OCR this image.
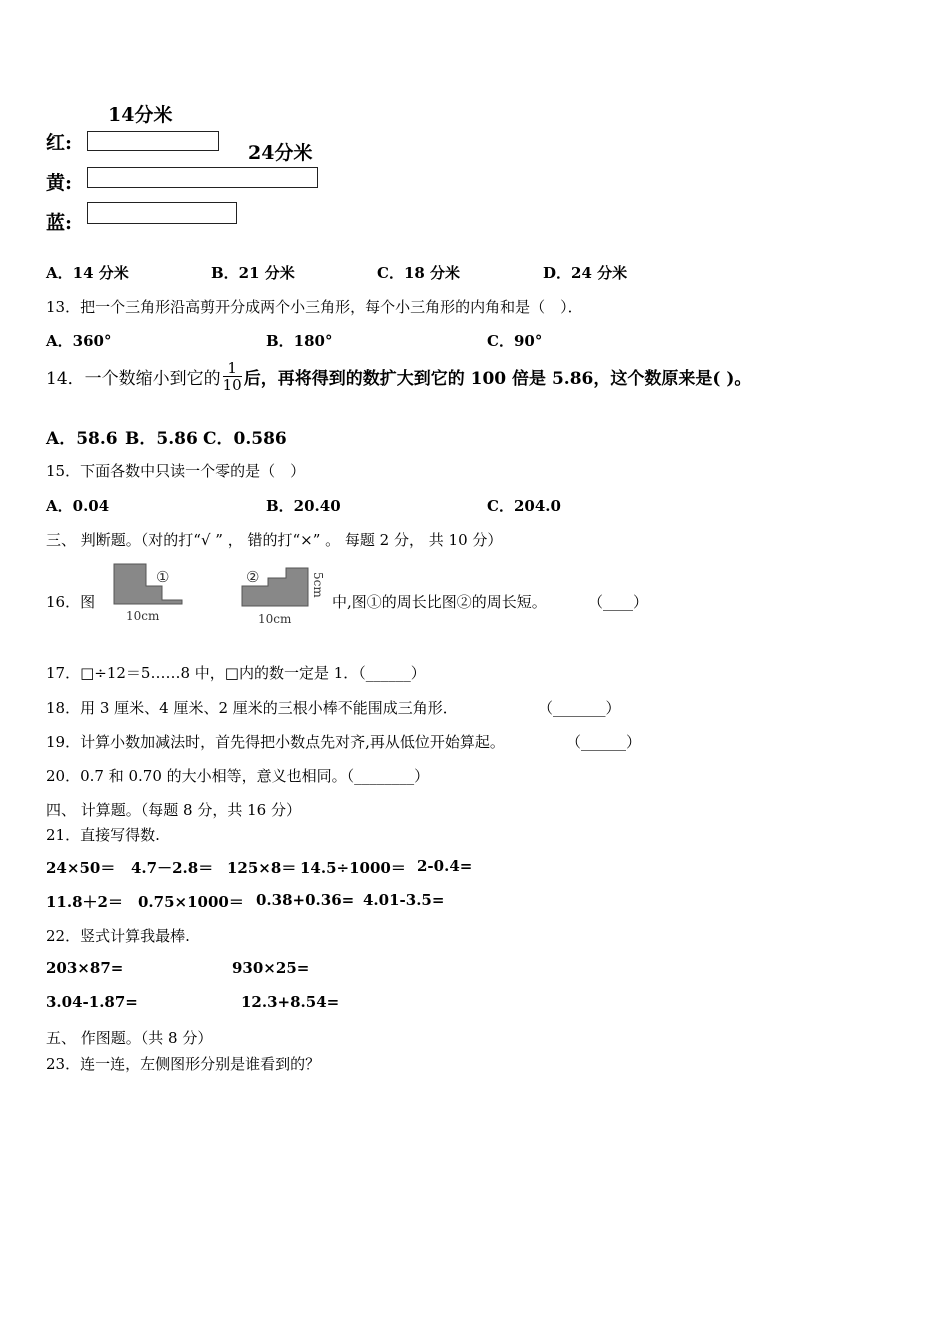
14分米
24分米
红:
黄:
蓝:
A．14 分米	B．21 分米	C．18 分米	D．24 分米
13．把一个三角形沿高剪开分成两个小三角形，每个小三角形的内角和是（　）．
A．360°	B．180°	C．90°
14．一个数缩小到它的 $\frac{1}{10}$ 后，再将得到的数扩大到它的 100 倍是 5.86，这个数原来是( )。
A．58.6 B．5.86 C．0.586
15．下面各数中只读一个零的是（　）
A．0.04	B．20.40	C．204.0
三、 判断题。（对的打“√ ” ， 错的打“×” 。 每题 2 分， 共 10 分）
16．图
①
10cm
②	5cm
10cm
中,图①的周长比图②的周长短。	（____）
17．□÷12＝5……8 中，□内的数一定是 1．（______）
18．用 3 厘米、4 厘米、2 厘米的三根小棒不能围成三角形．	（_______）
19．计算小数加减法时，首先得把小数点先对齐,再从低位开始算起。	（______）
20．0.7 和 0.70 的大小相等，意义也相同。（________）
四、 计算题。（每题 8 分，共 16 分）
21．直接写得数.
24×50＝ 4.7－2.8＝ 125×8＝ 14.5÷1000＝ 2-0.4=
11.8＋2＝ 0.75×1000＝ 0.38+0.36= 4.01-3.5=
22．竖式计算我最棒.
203×87=	930×25=
3.04-1.87=	12.3+8.54=
五、 作图题。（共 8 分）
23．连一连，左侧图形分别是谁看到的？
